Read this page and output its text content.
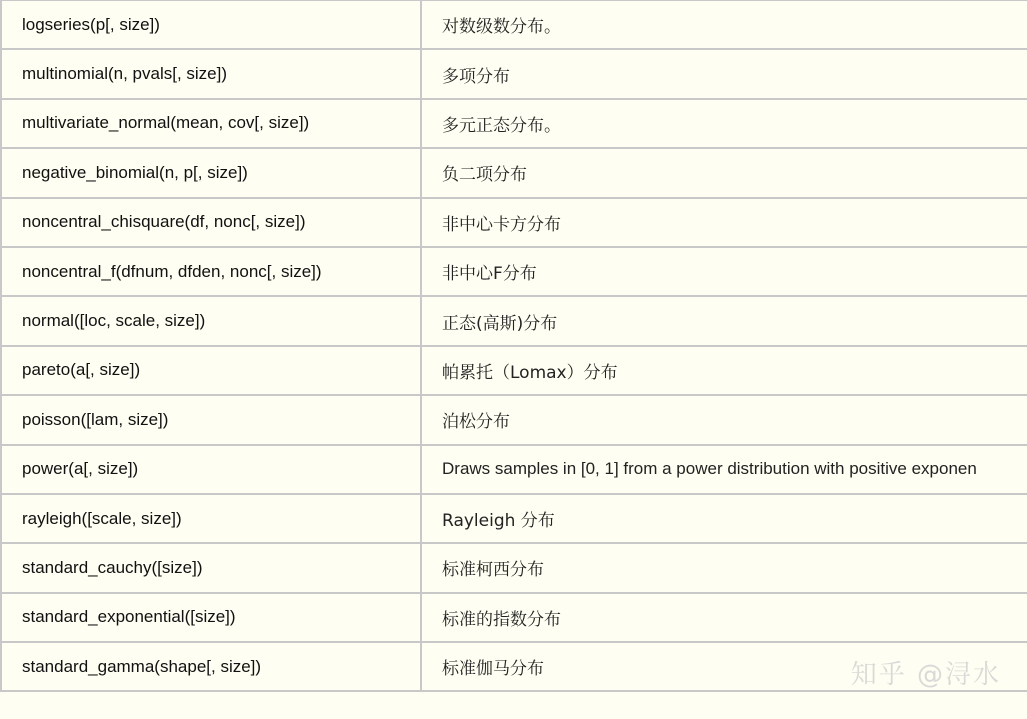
logseries(p[, size])	对数级数分布。
multinomial(n, pvals[, size])	多项分布
multivariate_normal(mean, cov[, size])	多元正态分布。
negative_binomial(n, p[, size])	负二项分布
noncentral_chisquare(df, nonc[, size])	非中心卡方分布
noncentral_f(dfnum, dfden, nonc[, size])	非中心F分布
normal([loc, scale, size])	正态(高斯)分布
pareto(a[, size])	帕累托（Lomax）分布
poisson([lam, size])	泊松分布
power(a[, size])	Draws samples in [0, 1] from a power distribution with positive exponen
rayleigh([scale, size])	Rayleigh 分布
standard_cauchy([size])	标准柯西分布
standard_exponential([size])	标准的指数分布
standard_gamma(shape[, size])	标准伽马分布	知乎 @浔水
